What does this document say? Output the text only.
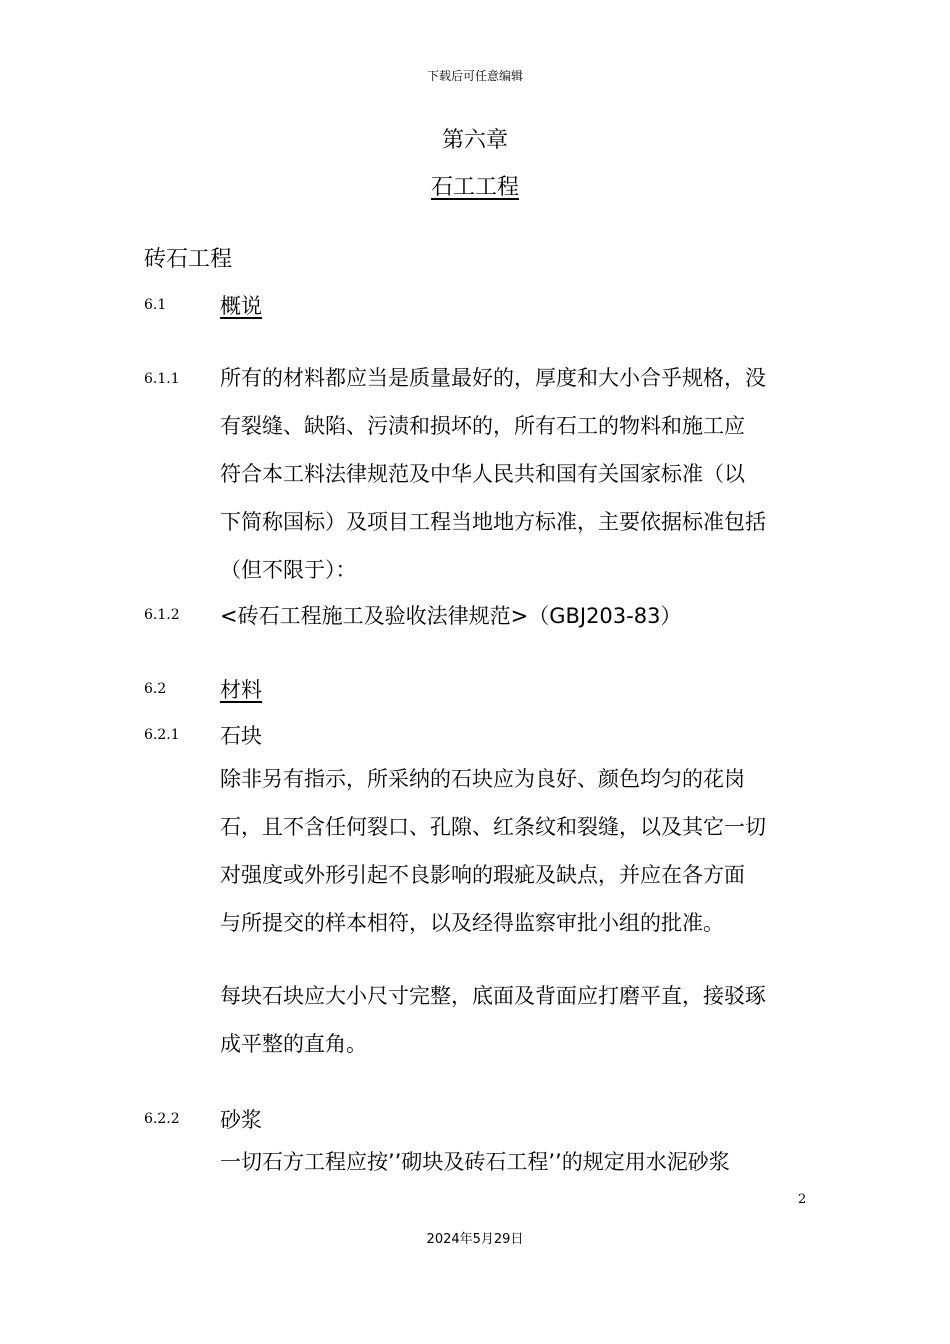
下载后可任意编辑
第六章
石工工程
砖石工程
6.1	概说
6.1.1 所有的材料都应当是质量最好的，厚度和大小合乎规格，没
有裂缝、缺陷、污渍和损坏的，所有石工的物料和施工应
符合本工料法律规范及中华人民共和国有关国家标准（以
下简称国标）及项目工程当地地方标准，主要依据标准包括
（但不限于）：
6.1.2 <砖石工程施工及验收法律规范>（GBJ203-83）
6.2	材料
6.2.1 石块
除非另有指示，所采纳的石块应为良好、颜色均匀的花岗
石，且不含任何裂口、孔隙、红条纹和裂缝，以及其它一切
对强度或外形引起不良影响的瑕疵及缺点，并应在各方面
与所提交的样本相符，以及经得监察审批小组的批准。
每块石块应大小尺寸完整，底面及背面应打磨平直，接驳琢
成平整的直角。
6.2.2 砂浆
一切石方工程应按’’砌块及砖石工程’’的规定用水泥砂浆
2
2024年5月29日
